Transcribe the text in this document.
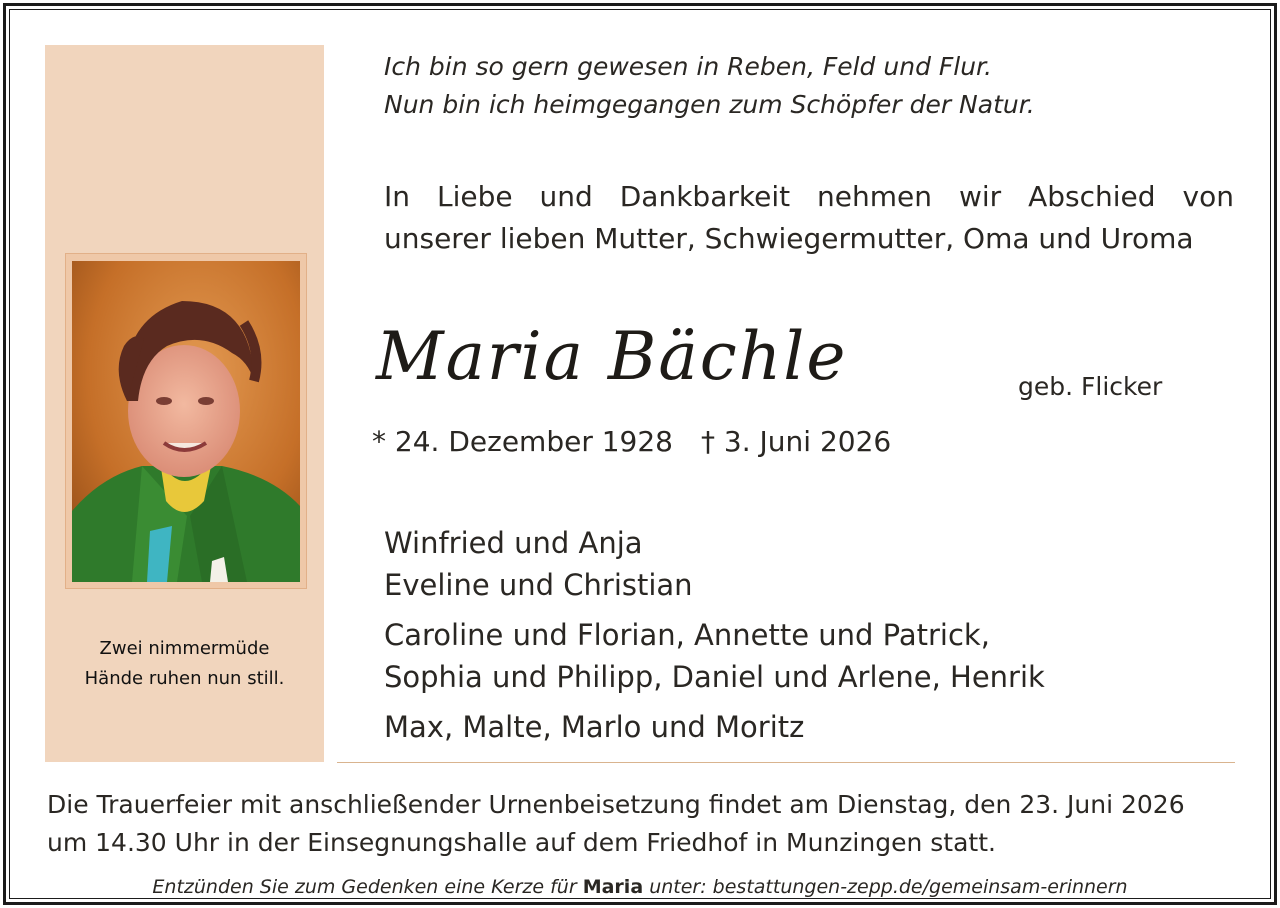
Zwei nimmermüde
Hände ruhen nun still.
Ich bin so gern gewesen in Reben, Feld und Flur.
Nun bin ich heimgegangen zum Schöpfer der Natur.
In Liebe und Dankbarkeit nehmen wir Abschied von
unserer lieben Mutter, Schwiegermutter, Oma und Uroma
Maria Bächle	geb. Flicker
* 24. Dezember 1928 † 3. Juni 2026
Winfried und Anja
Eveline und Christian
Caroline und Florian, Annette und Patrick,
Sophia und Philipp, Daniel und Arlene, Henrik
Max, Malte, Marlo und Moritz
Die Trauerfeier mit anschließender Urnenbeisetzung findet am Dienstag, den 23. Juni 2026
um 14.30 Uhr in der Einsegnungshalle auf dem Friedhof in Munzingen statt.
Entzünden Sie zum Gedenken eine Kerze für Maria unter: bestattungen-zepp.de/gemeinsam-erinnern
